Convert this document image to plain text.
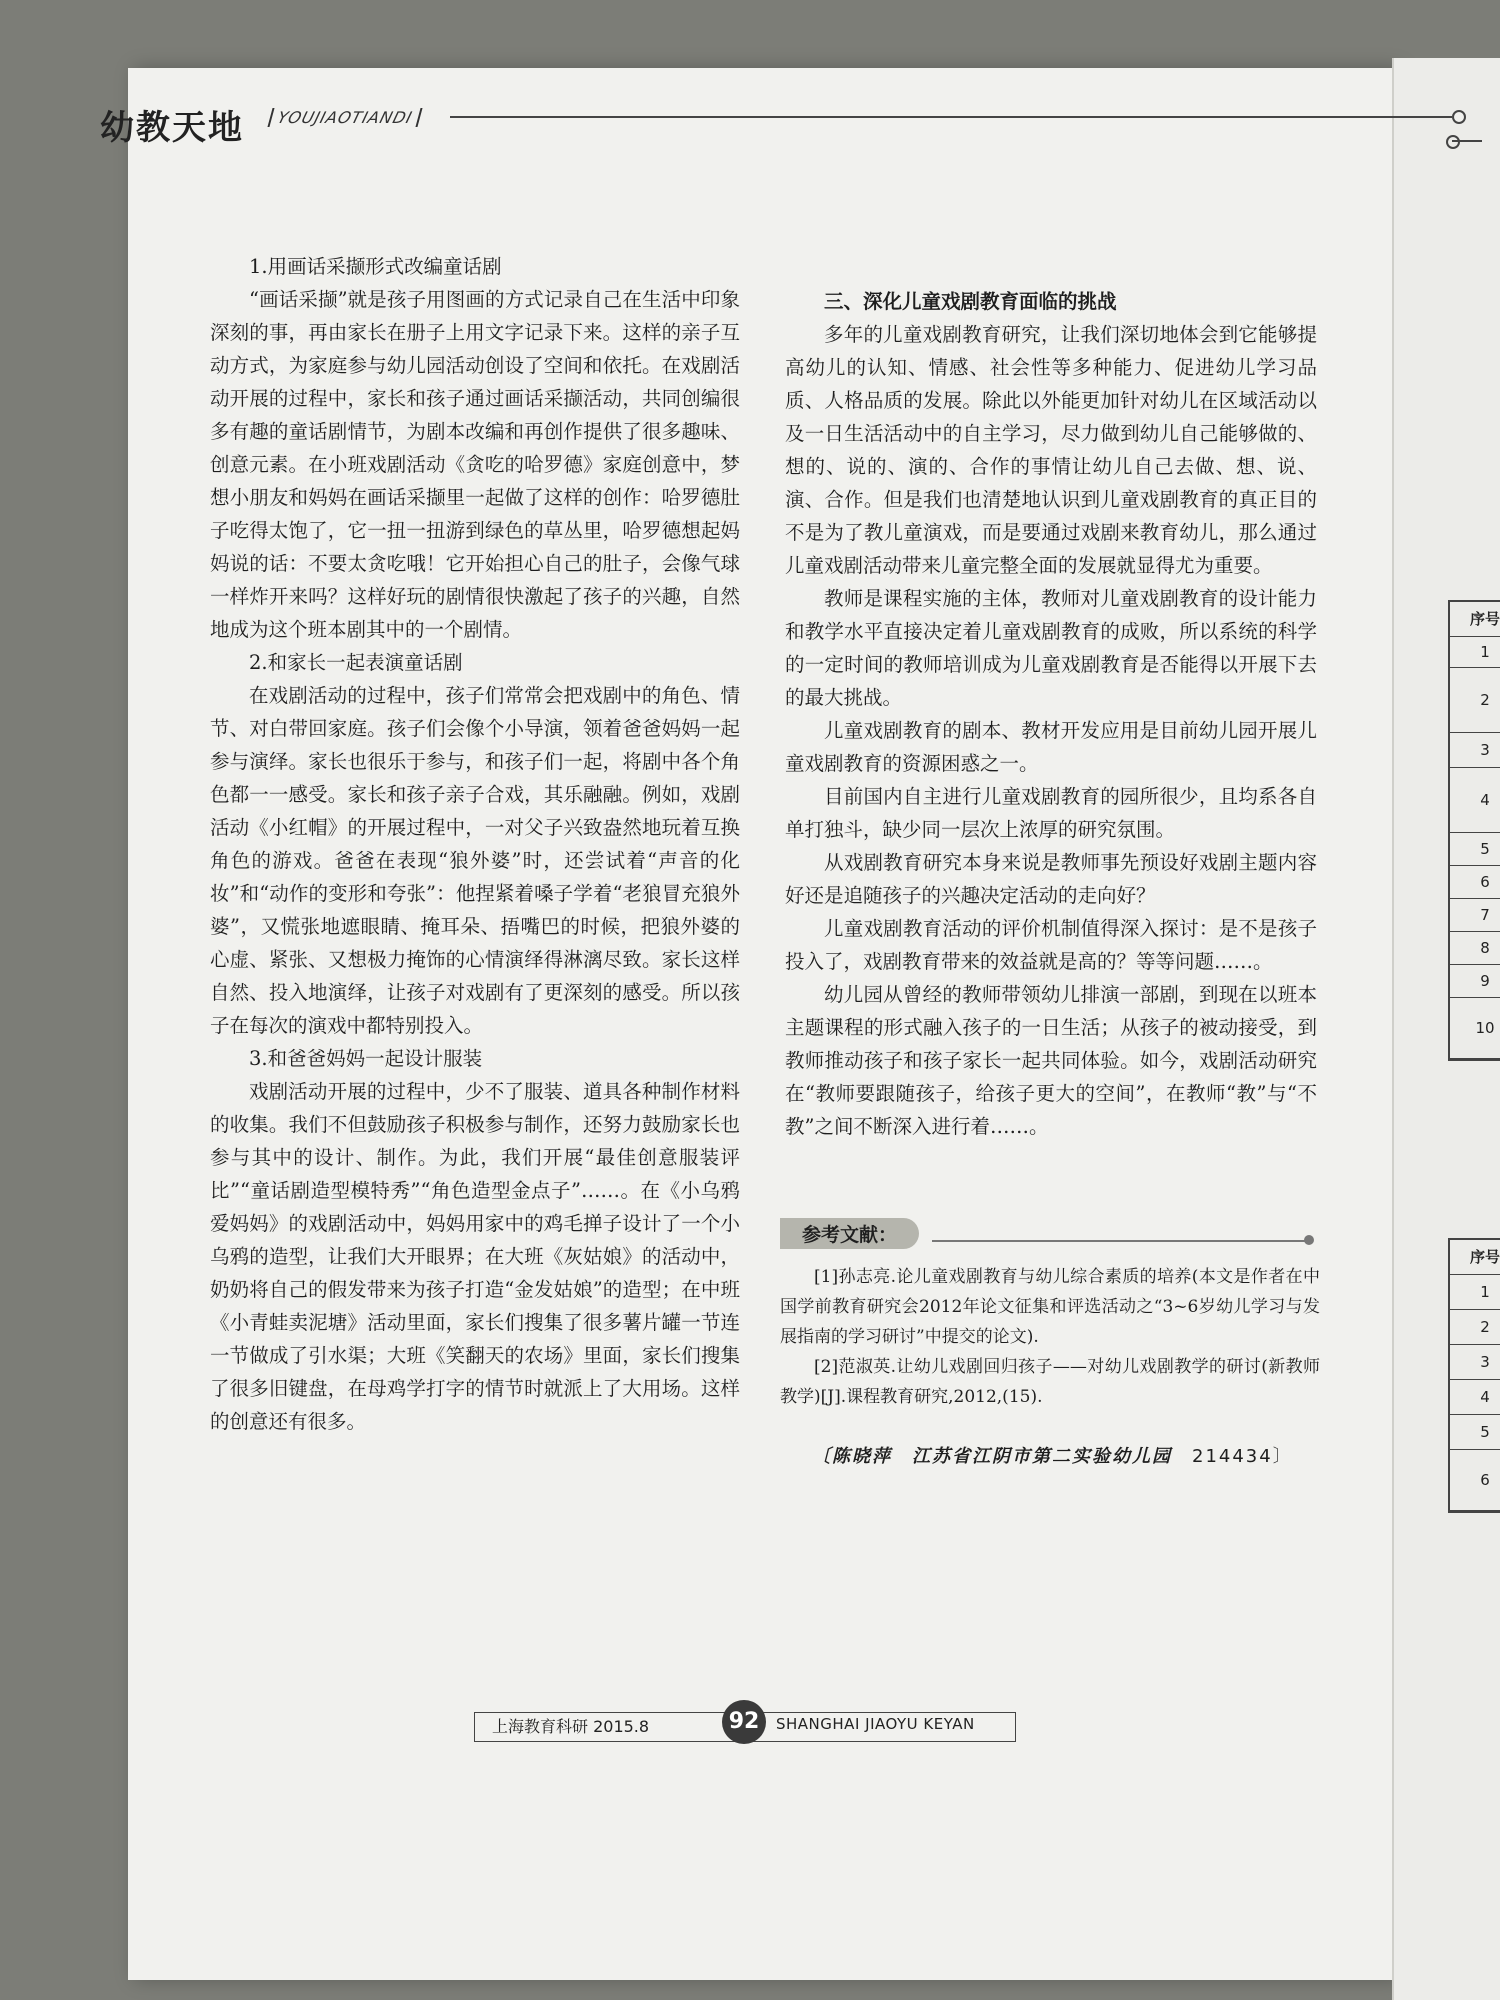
幼教天地	YOUJIAOTIANDI

1.用画话采撷形式改编童话剧

“画话采撷”就是孩子用图画的方式记录自己在生活中印象深刻的事，再由家长在册子上用文字记录下来。这样的亲子互动方式，为家庭参与幼儿园活动创设了空间和依托。在戏剧活动开展的过程中，家长和孩子通过画话采撷活动，共同创编很多有趣的童话剧情节，为剧本改编和再创作提供了很多趣味、创意元素。在小班戏剧活动《贪吃的哈罗德》家庭创意中，梦想小朋友和妈妈在画话采撷里一起做了这样的创作：哈罗德肚子吃得太饱了，它一扭一扭游到绿色的草丛里，哈罗德想起妈妈说的话：不要太贪吃哦！它开始担心自己的肚子，会像气球一样炸开来吗？这样好玩的剧情很快激起了孩子的兴趣，自然地成为这个班本剧其中的一个剧情。

2.和家长一起表演童话剧

在戏剧活动的过程中，孩子们常常会把戏剧中的角色、情节、对白带回家庭。孩子们会像个小导演，领着爸爸妈妈一起参与演绎。家长也很乐于参与，和孩子们一起，将剧中各个角色都一一感受。家长和孩子亲子合戏，其乐融融。例如，戏剧活动《小红帽》的开展过程中，一对父子兴致盎然地玩着互换角色的游戏。爸爸在表现“狼外婆”时，还尝试着“声音的化妆”和“动作的变形和夸张”：他捏紧着嗓子学着“老狼冒充狼外婆”，又慌张地遮眼睛、掩耳朵、捂嘴巴的时候，把狼外婆的心虚、紧张、又想极力掩饰的心情演绎得淋漓尽致。家长这样自然、投入地演绎，让孩子对戏剧有了更深刻的感受。所以孩子在每次的演戏中都特别投入。

3.和爸爸妈妈一起设计服装

戏剧活动开展的过程中，少不了服装、道具各种制作材料的收集。我们不但鼓励孩子积极参与制作，还努力鼓励家长也参与其中的设计、制作。为此，我们开展“最佳创意服装评比”“童话剧造型模特秀”“角色造型金点子”……。在《小乌鸦爱妈妈》的戏剧活动中，妈妈用家中的鸡毛掸子设计了一个小乌鸦的造型，让我们大开眼界；在大班《灰姑娘》的活动中，奶奶将自己的假发带来为孩子打造“金发姑娘”的造型；在中班《小青蛙卖泥塘》活动里面，家长们搜集了很多薯片罐一节连一节做成了引水渠；大班《笑翻天的农场》里面，家长们搜集了很多旧键盘，在母鸡学打字的情节时就派上了大用场。这样的创意还有很多。

三、深化儿童戏剧教育面临的挑战

多年的儿童戏剧教育研究，让我们深切地体会到它能够提高幼儿的认知、情感、社会性等多种能力、促进幼儿学习品质、人格品质的发展。除此以外能更加针对幼儿在区域活动以及一日生活活动中的自主学习，尽力做到幼儿自己能够做的、想的、说的、演的、合作的事情让幼儿自己去做、想、说、演、合作。但是我们也清楚地认识到儿童戏剧教育的真正目的不是为了教儿童演戏，而是要通过戏剧来教育幼儿，那么通过儿童戏剧活动带来儿童完整全面的发展就显得尤为重要。

教师是课程实施的主体，教师对儿童戏剧教育的设计能力和教学水平直接决定着儿童戏剧教育的成败，所以系统的科学的一定时间的教师培训成为儿童戏剧教育是否能得以开展下去的最大挑战。

儿童戏剧教育的剧本、教材开发应用是目前幼儿园开展儿童戏剧教育的资源困惑之一。

目前国内自主进行儿童戏剧教育的园所很少，且均系各自单打独斗，缺少同一层次上浓厚的研究氛围。

从戏剧教育研究本身来说是教师事先预设好戏剧主题内容好还是追随孩子的兴趣决定活动的走向好？

儿童戏剧教育活动的评价机制值得深入探讨：是不是孩子投入了，戏剧教育带来的效益就是高的？等等问题……。

幼儿园从曾经的教师带领幼儿排演一部剧，到现在以班本主题课程的形式融入孩子的一日生活；从孩子的被动接受，到教师推动孩子和孩子家长一起共同体验。如今，戏剧活动研究在“教师要跟随孩子，给孩子更大的空间”，在教师“教”与“不教”之间不断深入进行着……。

参考文献：

[1]孙志亮.论儿童戏剧教育与幼儿综合素质的培养(本文是作者在中国学前教育研究会2012年论文征集和评选活动之“3~6岁幼儿学习与发展指南的学习研讨”中提交的论文).

[2]范淑英.让幼儿戏剧回归孩子——对幼儿戏剧教学的研讨(新教师教学)[J].课程教育研究,2012,(15).

〔陈晓萍　江苏省江阴市第二实验幼儿园 214434〕
上海教育科研 2015.8	92	SHANGHAI JIAOYU KEYAN
序号
1
2
3
4
5
6
7
8
9
10
序号
1
2
3
4
5
6
